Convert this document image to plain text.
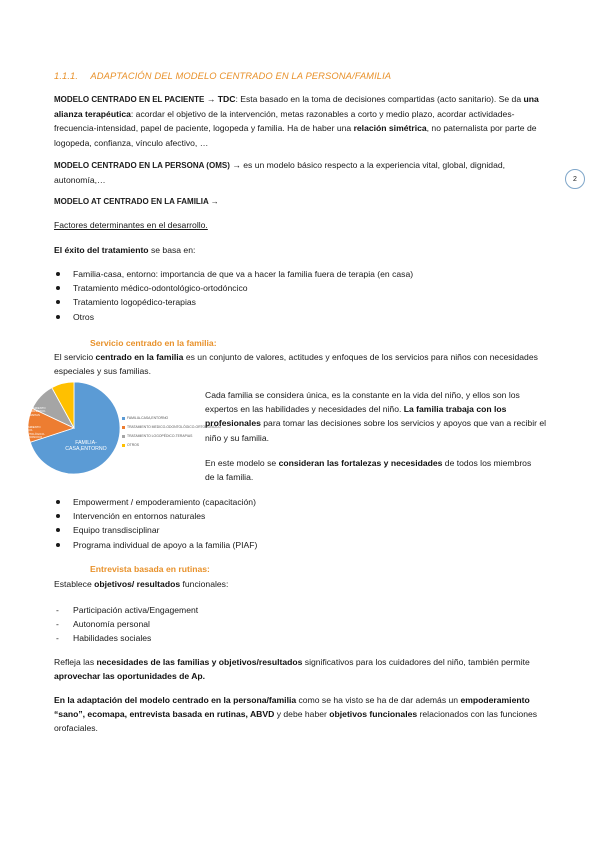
1.1.1. ADAPTACIÓN DEL MODELO CENTRADO EN LA PERSONA/FAMILIA
MODELO CENTRADO EN EL PACIENTE → TDC: Esta basado en la toma de decisiones compartidas (acto sanitario). Se da una alianza terapéutica: acordar el objetivo de la intervención, metas razonables a corto y medio plazo, acordar actividades-frecuencia-intensidad, papel de paciente, logopeda y familia. Ha de haber una relación simétrica, no paternalista por parte de logopeda, confianza, vínculo afectivo, …
2
MODELO CENTRADO EN LA PERSONA (OMS) → es un modelo básico respecto a la experiencia vital, global, dignidad, autonomía,…
MODELO AT CENTRADO EN LA FAMILIA →
Factores determinantes en el desarrollo.
El éxito del tratamiento se basa en:
Familia-casa, entorno: importancia de que va a hacer la familia fuera de terapia (en casa)
Tratamiento médico-odontológico-ortodóncico
Tratamiento logopédico-terapias
Otros
Servicio centrado en la familia:
El servicio centrado en la familia es un conjunto de valores, actitudes y enfoques de los servicios para niños con necesidades especiales y sus familias.
FAMILIA-CASA,ENTORNO
TRATAMIENTO MEDICO-ODONTOLÓGICO-ORTODONCICO
TRATAMIENTO LOGOPÉDICO-TERAPIAS
FAMILIA-CASA,ENTORNO
TRATAMIENTO MEDICO-ODONTOLÓGICO-ORTODONCICO
TRATAMIENTO LOGOPÉDICO-TERAPIAS
OTROS
Cada familia se considera única, es la constante en la vida del niño, y ellos son los expertos en las habilidades y necesidades del niño. La familia trabaja con los profesionales para tomar las decisiones sobre los servicios y apoyos que van a recibir el niño y su familia.
En este modelo se consideran las fortalezas y necesidades de todos los miembros de la familia.
Empowerment / empoderamiento (capacitación)
Intervención en entornos naturales
Equipo transdisciplinar
Programa individual de apoyo a la familia (PIAF)
Entrevista basada en rutinas:
Establece objetivos/ resultados funcionales:
- Participación activa/Engagement
- Autonomía personal
- Habilidades sociales
Refleja las necesidades de las familias y objetivos/resultados significativos para los cuidadores del niño, también permite aprovechar las oportunidades de Ap.
En la adaptación del modelo centrado en la persona/familia como se ha visto se ha de dar además un empoderamiento “sano”, ecomapa, entrevista basada en rutinas, ABVD y debe haber objetivos funcionales relacionados con las funciones orofaciales.
